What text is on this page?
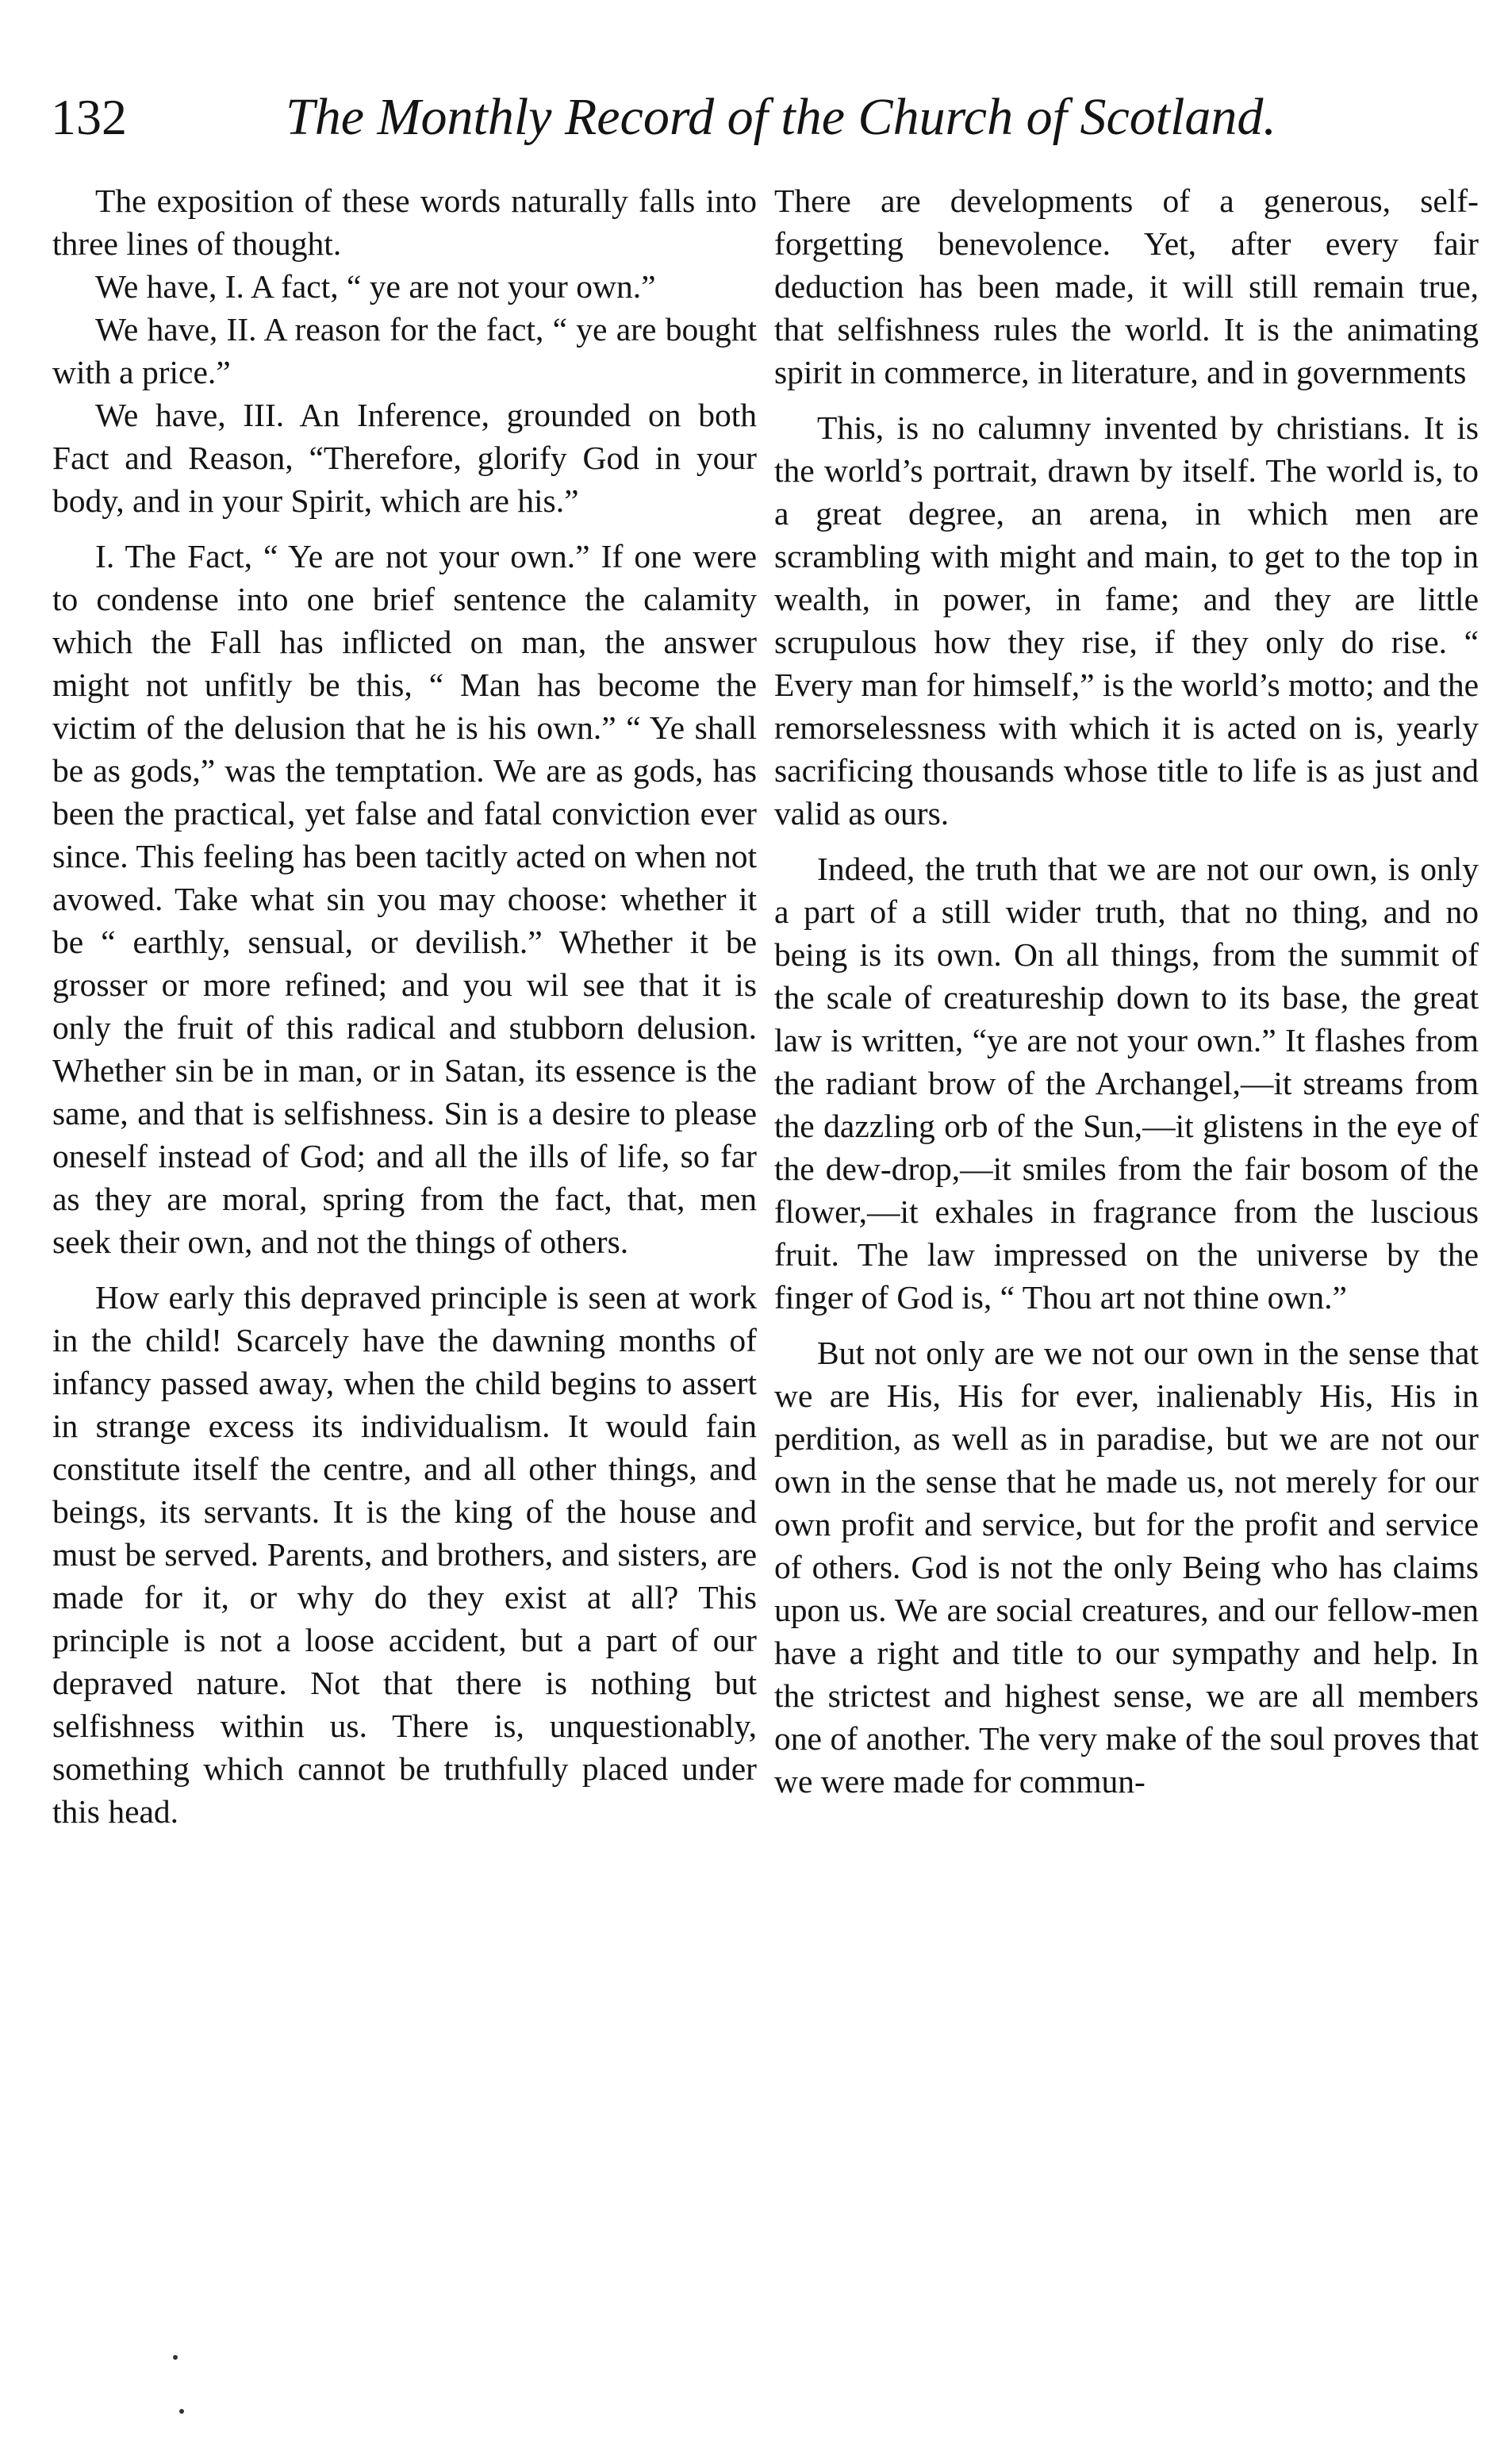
132	The Monthly Record of the Church of Scotland.

The exposition of these words naturally falls into three lines of thought.

We have, I. A fact, “ ye are not your own.”

We have, II. A reason for the fact, “ ye are bought with a price.”

We have, III. An Inference, grounded on both Fact and Reason, “Therefore, glorify God in your body, and in your Spirit, which are his.”

I. The Fact, “ Ye are not your own.” If one were to condense into one brief sentence the calamity which the Fall has inflicted on man, the answer might not unfitly be this, “ Man has become the victim of the delusion that he is his own.” “ Ye shall be as gods,” was the temptation. We are as gods, has been the practical, yet false and fatal conviction ever since. This feeling has been tacitly acted on when not avowed. Take what sin you may choose: whether it be “ earthly, sensual, or devilish.” Whether it be grosser or more refined; and you wil see that it is only the fruit of this radical and stubborn delusion. Whether sin be in man, or in Satan, its essence is the same, and that is selfishness. Sin is a desire to please oneself instead of God; and all the ills of life, so far as they are moral, spring from the fact, that, men seek their own, and not the things of others.

How early this depraved principle is seen at work in the child! Scarcely have the dawning months of infancy passed away, when the child begins to assert in strange excess its individualism. It would fain constitute itself the centre, and all other things, and beings, its servants. It is the king of the house and must be served. Parents, and brothers, and sisters, are made for it, or why do they exist at all? This principle is not a loose accident, but a part of our depraved nature. Not that there is nothing but selfishness within us. There is, unquestionably, something which cannot be truthfully placed under this head.

There are developments of a generous, self-forgetting benevolence. Yet, after every fair deduction has been made, it will still remain true, that selfishness rules the world. It is the animating spirit in commerce, in literature, and in governments

This, is no calumny invented by christians. It is the world’s portrait, drawn by itself. The world is, to a great degree, an arena, in which men are scrambling with might and main, to get to the top in wealth, in power, in fame; and they are little scrupulous how they rise, if they only do rise. “ Every man for himself,” is the world’s motto; and the remorselessness with which it is acted on is, yearly sacrificing thousands whose title to life is as just and valid as ours.

Indeed, the truth that we are not our own, is only a part of a still wider truth, that no thing, and no being is its own. On all things, from the summit of the scale of creatureship down to its base, the great law is written, “ye are not your own.” It flashes from the radiant brow of the Archangel,—it streams from the dazzling orb of the Sun,—it glistens in the eye of the dew-drop,—it smiles from the fair bosom of the flower,—it exhales in fragrance from the luscious fruit. The law impressed on the universe by the finger of God is, “ Thou art not thine own.”

But not only are we not our own in the sense that we are His, His for ever, inalienably His, His in perdition, as well as in paradise, but we are not our own in the sense that he made us, not merely for our own profit and service, but for the profit and service of others. God is not the only Being who has claims upon us. We are social creatures, and our fellow-men have a right and title to our sympathy and help. In the strictest and highest sense, we are all members one of another. The very make of the soul proves that we were made for commun-
